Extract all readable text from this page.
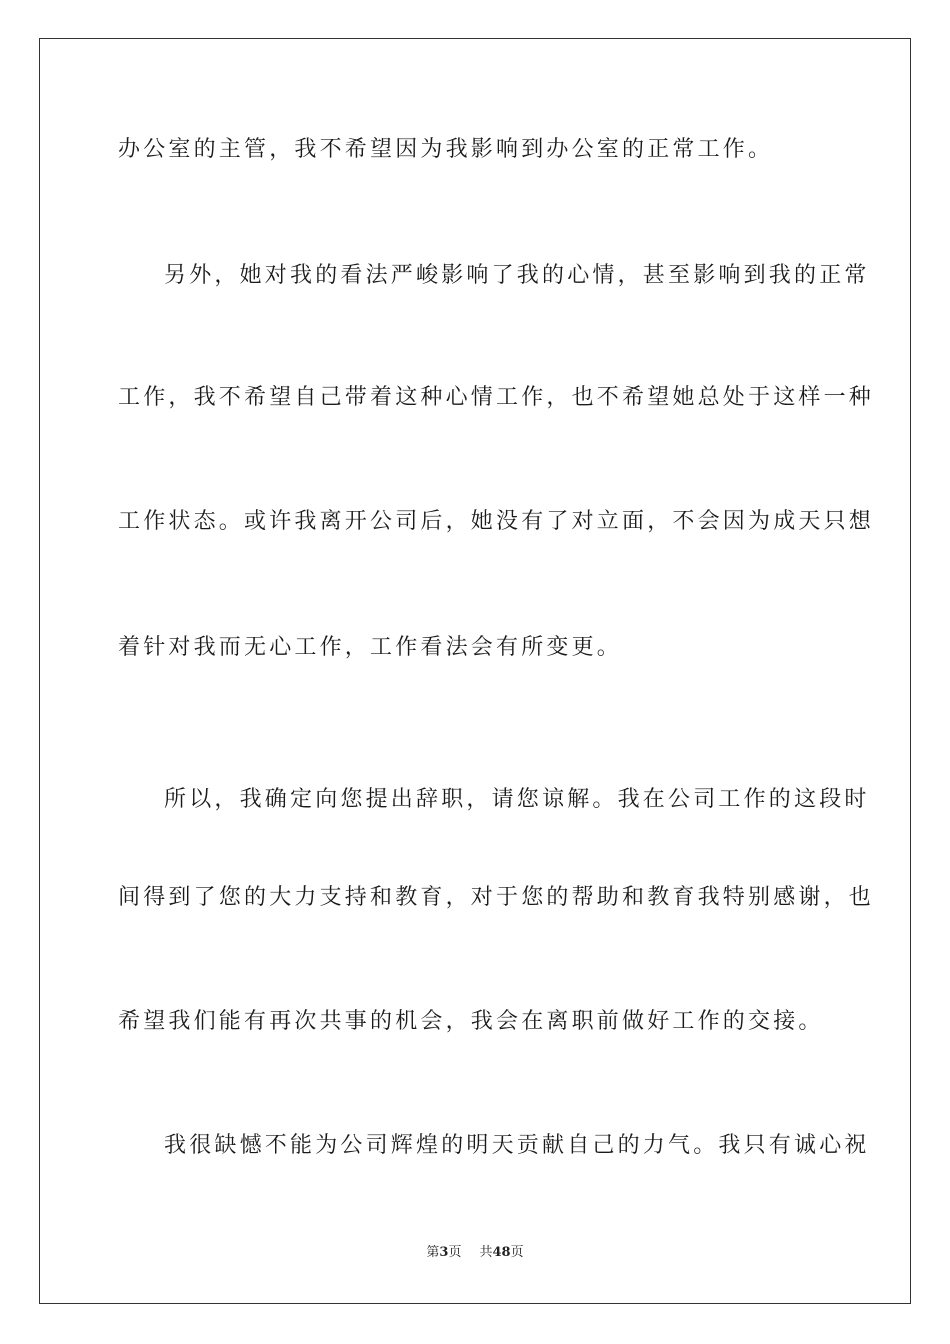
办公室的主管，我不希望因为我影响到办公室的正常工作。
另外，她对我的看法严峻影响了我的心情，甚至影响到我的正常
工作，我不希望自己带着这种心情工作，也不希望她总处于这样一种
工作状态。或许我离开公司后，她没有了对立面，不会因为成天只想
着针对我而无心工作，工作看法会有所变更。
所以，我确定向您提出辞职，请您谅解。我在公司工作的这段时
间得到了您的大力支持和教育，对于您的帮助和教育我特别感谢，也
希望我们能有再次共事的机会，我会在离职前做好工作的交接。
我很缺憾不能为公司辉煌的明天贡献自己的力气。我只有诚心祝
第3页 共48页
